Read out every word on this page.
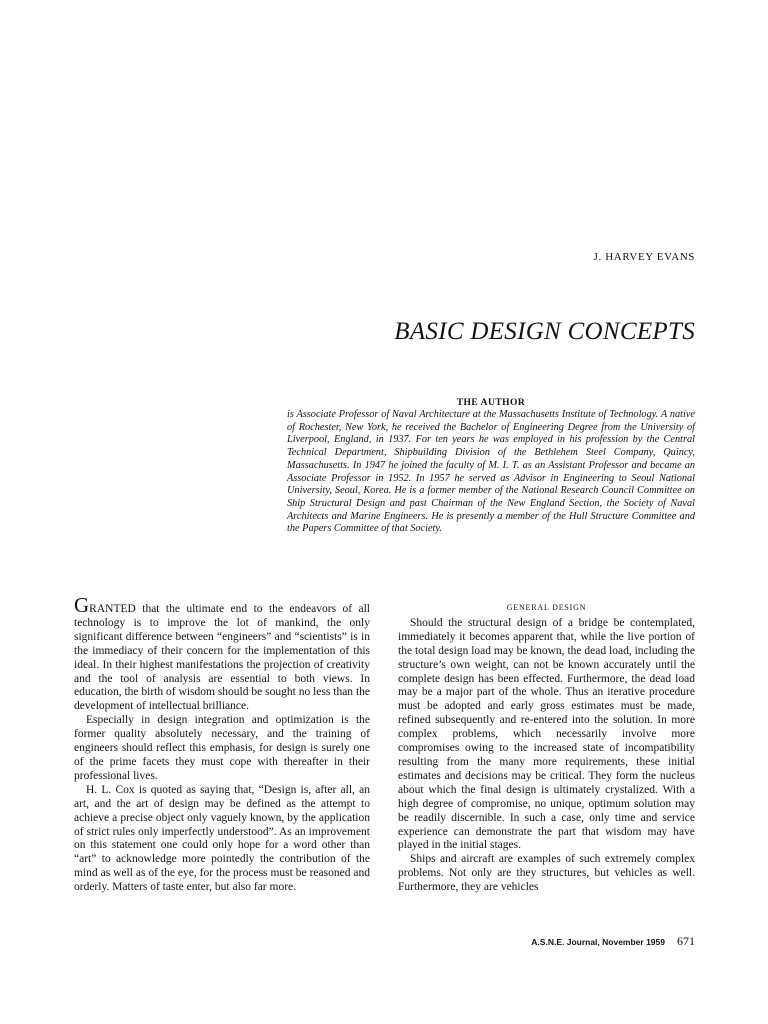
J. HARVEY EVANS
BASIC DESIGN CONCEPTS
THE AUTHOR

is Associate Professor of Naval Architecture at the Massachusetts Institute of Technology. A native of Rochester, New York, he received the Bachelor of Engineering Degree from the University of Liverpool, England, in 1937. For ten years he was employed in his profession by the Central Technical Department, Shipbuilding Division of the Bethlehem Steel Company, Quincy, Massachusetts. In 1947 he joined the faculty of M. I. T. as an Assistant Professor and became an Associate Professor in 1952. In 1957 he served as Advisor in Engineering to Seoul National University, Seoul, Korea. He is a former member of the National Research Council Committee on Ship Structural Design and past Chairman of the New England Section, the Society of Naval Architects and Marine Engineers. He is presently a member of the Hull Structure Committee and the Papers Committee of that Society.

GRANTED that the ultimate end to the endeavors of all technology is to improve the lot of mankind, the only significant difference between “engineers” and “scientists” is in the immediacy of their concern for the implementation of this ideal. In their highest manifestations the projection of creativity and the tool of analysis are essential to both views. In education, the birth of wisdom should be sought no less than the development of intellectual brilliance.

Especially in design integration and optimization is the former quality absolutely necessary, and the training of engineers should reflect this emphasis, for design is surely one of the prime facets they must cope with thereafter in their professional lives.

H. L. Cox is quoted as saying that, “Design is, after all, an art, and the art of design may be defined as the attempt to achieve a precise object only vaguely known, by the application of strict rules only imperfectly understood”. As an improvement on this statement one could only hope for a word other than “art” to acknowledge more pointedly the contribution of the mind as well as of the eye, for the process must be reasoned and orderly. Matters of taste enter, but also far more.

GENERAL DESIGN

Should the structural design of a bridge be contemplated, immediately it becomes apparent that, while the live portion of the total design load may be known, the dead load, including the structure’s own weight, can not be known accurately until the complete design has been effected. Furthermore, the dead load may be a major part of the whole. Thus an iterative procedure must be adopted and early gross estimates must be made, refined subsequently and re-entered into the solution. In more complex problems, which necessarily involve more compromises owing to the increased state of incompatibility resulting from the many more requirements, these initial estimates and decisions may be critical. They form the nucleus about which the final design is ultimately crystalized. With a high degree of compromise, no unique, optimum solution may be readily discernible. In such a case, only time and service experience can demonstrate the part that wisdom may have played in the initial stages.

Ships and aircraft are examples of such extremely complex problems. Not only are they structures, but vehicles as well. Furthermore, they are vehicles

A.S.N.E. Journal, November 1959 671
